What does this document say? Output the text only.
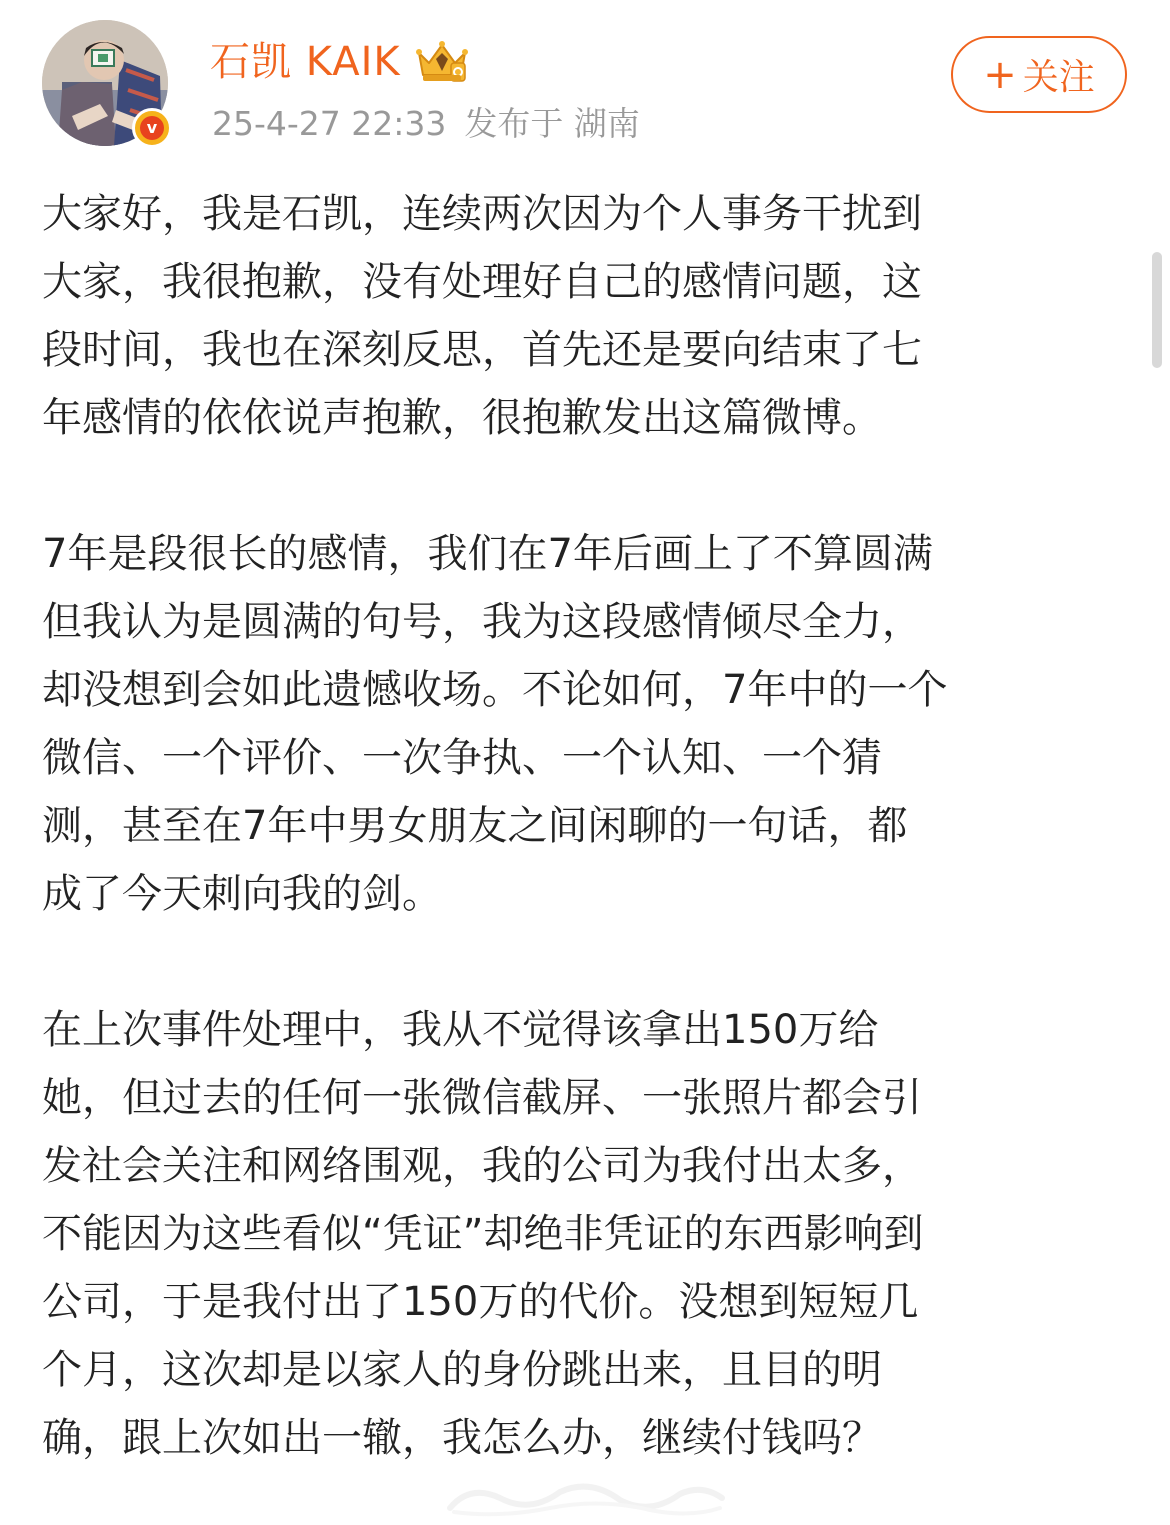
v
石凯 KAIK
25-4-27 22:33 发布于 湖南
+ 关注

大家好，我是石凯，连续两次因为个人事务干扰到

大家，我很抱歉，没有处理好自己的感情问题，这

段时间，我也在深刻反思，首先还是要向结束了七

年感情的依依说声抱歉，很抱歉发出这篇微博。

7年是段很长的感情，我们在7年后画上了不算圆满

但我认为是圆满的句号，我为这段感情倾尽全力，

却没想到会如此遗憾收场。不论如何，7年中的一个

微信、一个评价、一次争执、一个认知、一个猜

测，甚至在7年中男女朋友之间闲聊的一句话，都

成了今天刺向我的剑。

在上次事件处理中，我从不觉得该拿出150万给

她，但过去的任何一张微信截屏、一张照片都会引

发社会关注和网络围观，我的公司为我付出太多，

不能因为这些看似“凭证”却绝非凭证的东西影响到

公司，于是我付出了150万的代价。没想到短短几

个月，这次却是以家人的身份跳出来，且目的明

确，跟上次如出一辙，我怎么办，继续付钱吗？
